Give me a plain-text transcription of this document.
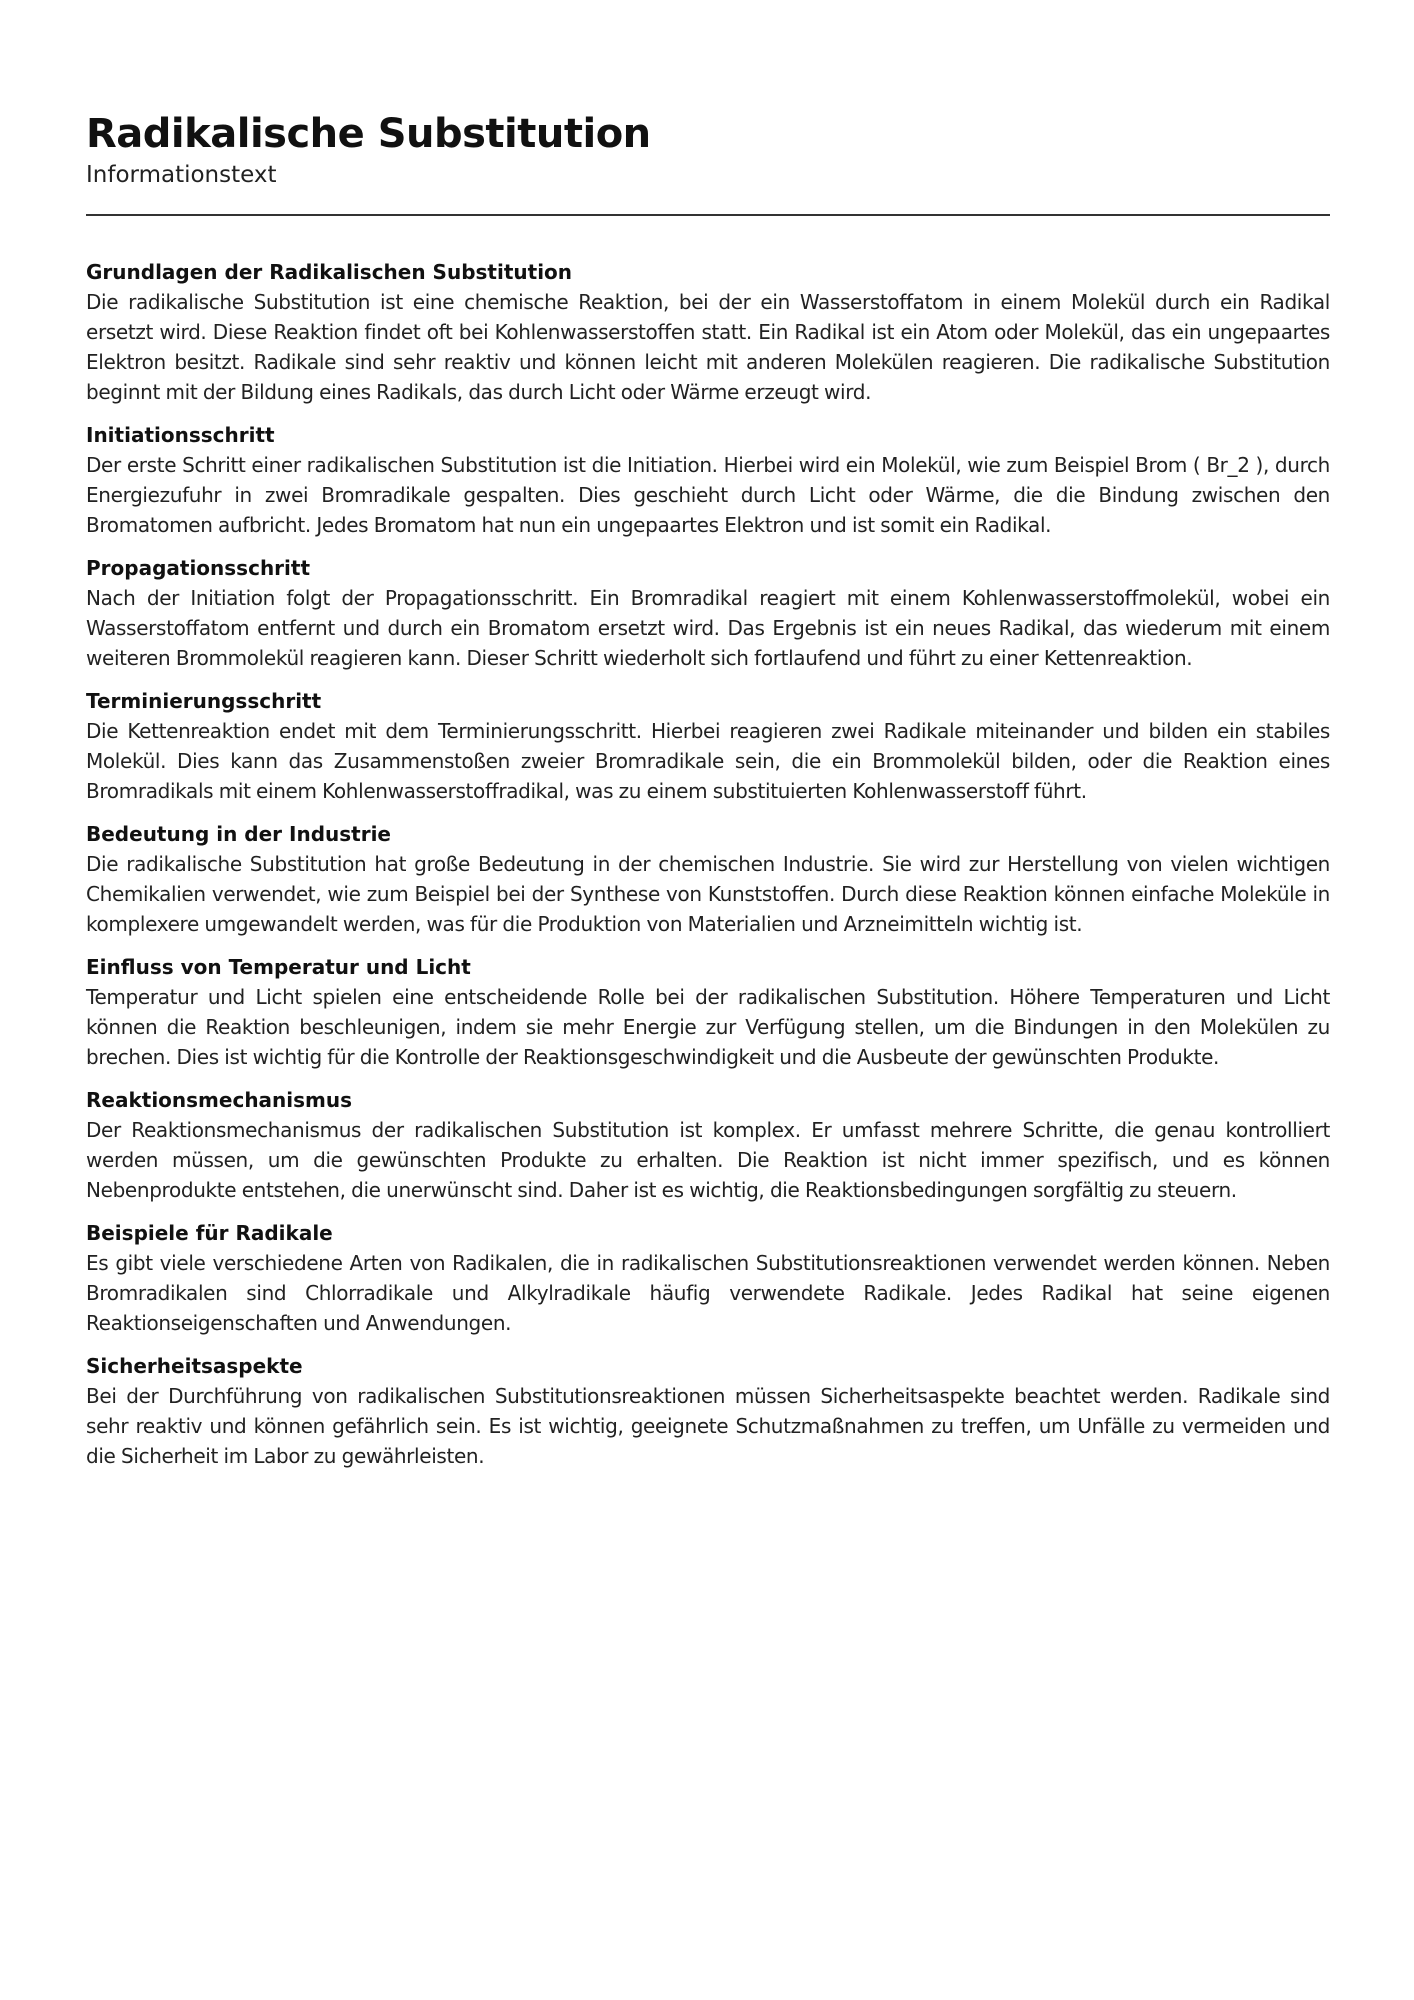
Radikalische Substitution
Informationstext
Grundlagen der Radikalischen Substitution

Die radikalische Substitution ist eine chemische Reaktion, bei der ein Wasserstoffatom in einem Molekül durch ein Radikal ersetzt wird. Diese Reaktion findet oft bei Kohlenwasserstoffen statt. Ein Radikal ist ein Atom oder Molekül, das ein ungepaartes Elektron besitzt. Radikale sind sehr reaktiv und können leicht mit anderen Molekülen reagieren. Die radikalische Substitution beginnt mit der Bildung eines Radikals, das durch Licht oder Wärme erzeugt wird.

Initiationsschritt

Der erste Schritt einer radikalischen Substitution ist die Initiation. Hierbei wird ein Molekül, wie zum Beispiel Brom ( Br_2 ), durch Energiezufuhr in zwei Bromradikale gespalten. Dies geschieht durch Licht oder Wärme, die die Bindung zwischen den Bromatomen aufbricht. Jedes Bromatom hat nun ein ungepaartes Elektron und ist somit ein Radikal.

Propagationsschritt

Nach der Initiation folgt der Propagationsschritt. Ein Bromradikal reagiert mit einem Kohlenwasserstoffmolekül, wobei ein Wasserstoffatom entfernt und durch ein Bromatom ersetzt wird. Das Ergebnis ist ein neues Radikal, das wiederum mit einem weiteren Brommolekül reagieren kann. Dieser Schritt wiederholt sich fortlaufend und führt zu einer Kettenreaktion.

Terminierungsschritt

Die Kettenreaktion endet mit dem Terminierungsschritt. Hierbei reagieren zwei Radikale miteinander und bilden ein stabiles Molekül. Dies kann das Zusammenstoßen zweier Bromradikale sein, die ein Brommolekül bilden, oder die Reaktion eines Bromradikals mit einem Kohlenwasserstoffradikal, was zu einem substituierten Kohlenwasserstoff führt.

Bedeutung in der Industrie

Die radikalische Substitution hat große Bedeutung in der chemischen Industrie. Sie wird zur Herstellung von vielen wichtigen Chemikalien verwendet, wie zum Beispiel bei der Synthese von Kunststoffen. Durch diese Reaktion können einfache Moleküle in komplexere umgewandelt werden, was für die Produktion von Materialien und Arzneimitteln wichtig ist.

Einfluss von Temperatur und Licht

Temperatur und Licht spielen eine entscheidende Rolle bei der radikalischen Substitution. Höhere Temperaturen und Licht können die Reaktion beschleunigen, indem sie mehr Energie zur Verfügung stellen, um die Bindungen in den Molekülen zu brechen. Dies ist wichtig für die Kontrolle der Reaktionsgeschwindigkeit und die Ausbeute der gewünschten Produkte.

Reaktionsmechanismus

Der Reaktionsmechanismus der radikalischen Substitution ist komplex. Er umfasst mehrere Schritte, die genau kontrolliert werden müssen, um die gewünschten Produkte zu erhalten. Die Reaktion ist nicht immer spezifisch, und es können Nebenprodukte entstehen, die unerwünscht sind. Daher ist es wichtig, die Reaktionsbedingungen sorgfältig zu steuern.

Beispiele für Radikale

Es gibt viele verschiedene Arten von Radikalen, die in radikalischen Substitutionsreaktionen verwendet werden können. Neben Bromradikalen sind Chlorradikale und Alkylradikale häufig verwendete Radikale. Jedes Radikal hat seine eigenen Reaktionseigenschaften und Anwendungen.

Sicherheitsaspekte

Bei der Durchführung von radikalischen Substitutionsreaktionen müssen Sicherheitsaspekte beachtet werden. Radikale sind sehr reaktiv und können gefährlich sein. Es ist wichtig, geeignete Schutzmaßnahmen zu treffen, um Unfälle zu vermeiden und die Sicherheit im Labor zu gewährleisten.
